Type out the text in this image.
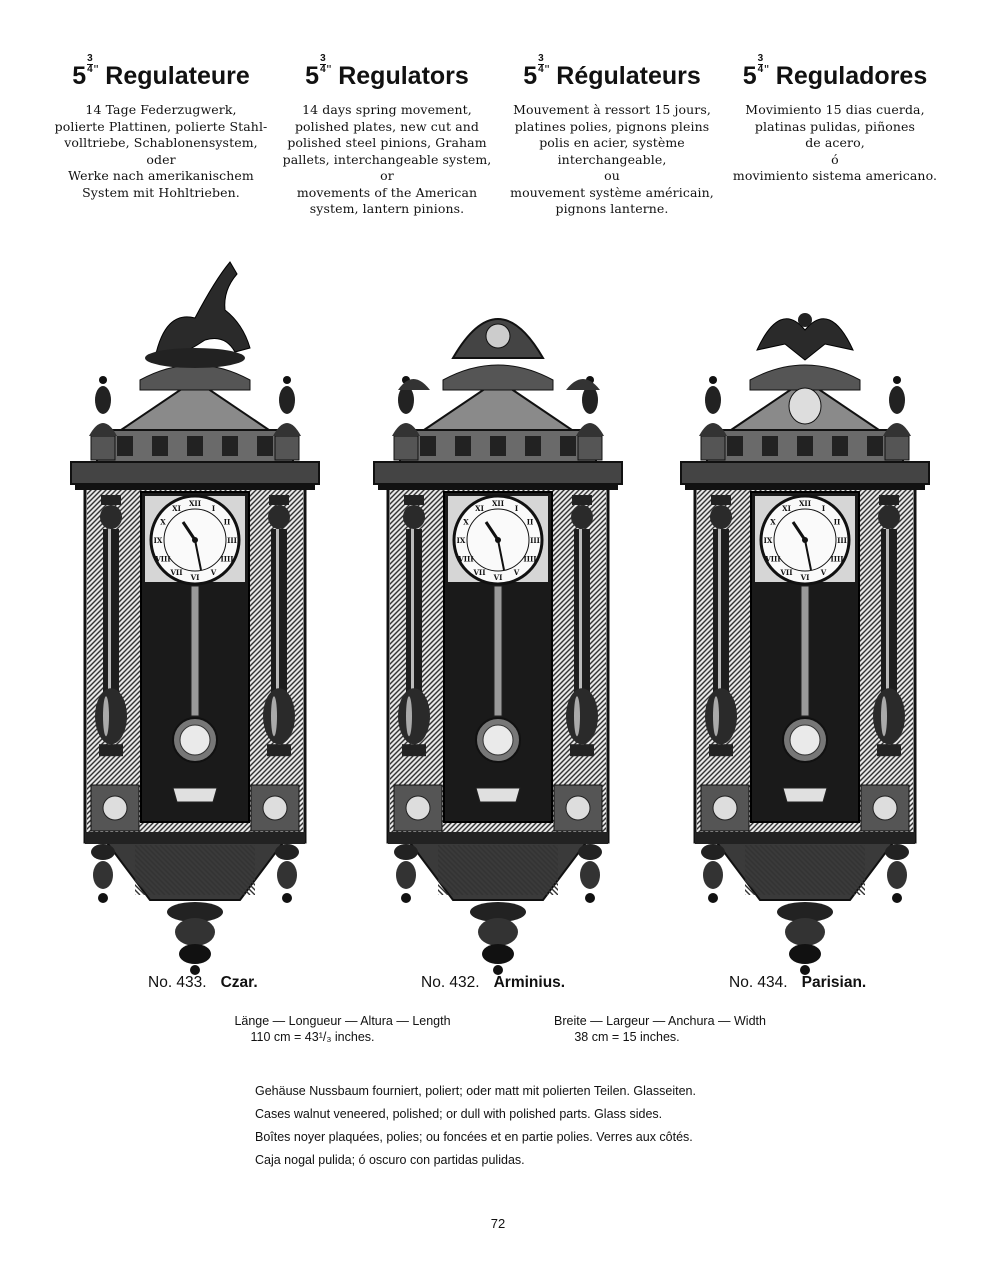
$5 \frac{3}{4} ^"$ Regulateure
14 Tage Federzugwerk,
polierte Plattinen, polierte Stahl-
volltriebe, Schablonensystem,
oder
Werke nach amerikanischem
System mit Hohltrieben.
$5 \frac{3}{4} ^"$ Regulators
14 days spring movement,
polished plates, new cut and
polished steel pinions, Graham
pallets, interchangeable system,
or
movements of the American
system, lantern pinions.
$5 \frac{3}{4} ^"$ Régulateurs
Mouvement à ressort 15 jours,
platines polies, pignons pleins
polis en acier, système
interchangeable,
ou
mouvement système américain,
pignons lanterne.
$5 \frac{3}{4} ^"$ Reguladores
Movimiento 15 dias cuerda,
platinas pulidas, piñones
de acero,
ó
movimiento sistema americano.
XII
I
II
III
IIII
V
VI
VII
VIII
IX
X
XI
XII
I
II
III
IIII
V
VI
VII
VIII
IX
X
XI
XII
I
II
III
IIII
V
VI
VII
VIII
IX
X
XI
No. 433. Czar.	No. 432. Arminius.	No. 434. Parisian.
Länge — Longueur — Altura — Length
110 cm = 43¹/₃ inches.
Breite — Largeur — Anchura — Width
38 cm = 15 inches.
Gehäuse Nussbaum fourniert, poliert; oder matt mit polierten Teilen. Glasseiten.
Cases walnut veneered, polished; or dull with polished parts. Glass sides.
Boîtes noyer plaquées, polies; ou foncées et en partie polies. Verres aux côtés.
Caja nogal pulida; ó oscuro con partidas pulidas.
72
